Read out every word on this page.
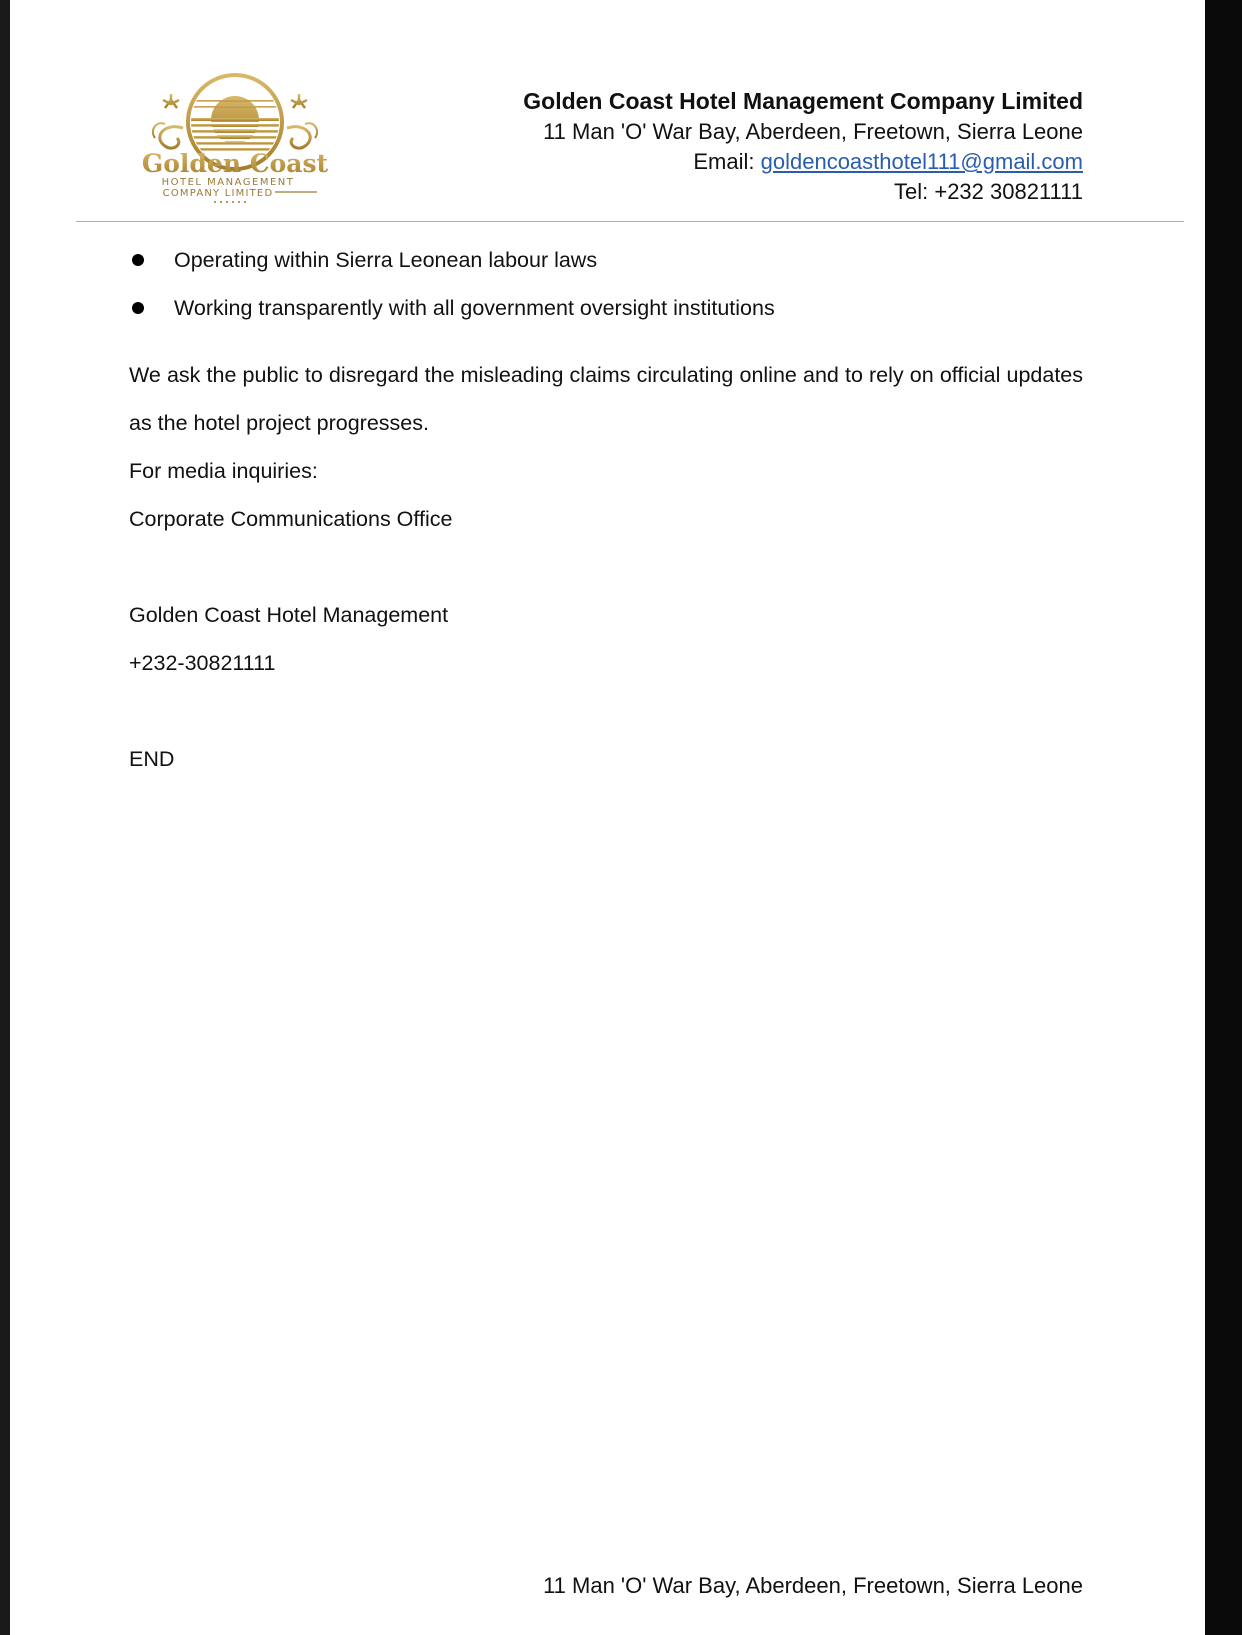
Golden Coast
HOTEL MANAGEMENT
COMPANY LIMITED
Golden Coast Hotel Management Company Limited
11 Man 'O' War Bay, Aberdeen, Freetown, Sierra Leone
Email: goldencoasthotel111@gmail.com
Tel: +232 30821111
Operating within Sierra Leonean labour laws
Working transparently with all government oversight institutions
We ask the public to disregard the misleading claims circulating online and to rely on official updates as the hotel project progresses.
For media inquiries:
Corporate Communications Office
Golden Coast Hotel Management
+232-30821111
END
11 Man 'O' War Bay, Aberdeen, Freetown, Sierra Leone
